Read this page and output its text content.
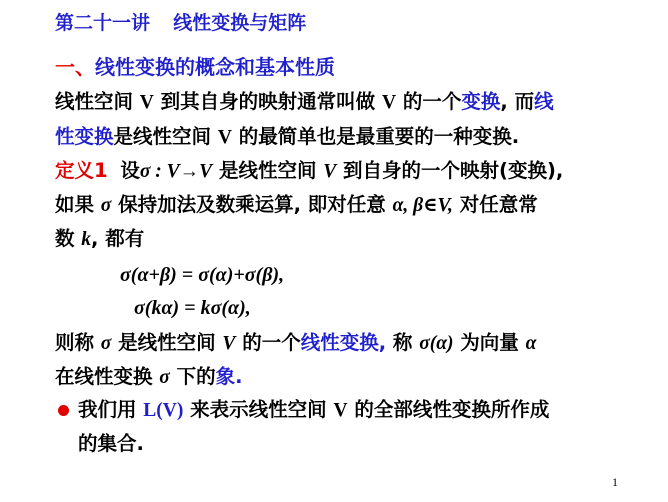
第二十一讲 线性变换与矩阵
一、线性变换的概念和基本性质
线性空间 V 到其自身的映射通常叫做 V 的一个变换, 而线
性变换是线性空间 V 的最简单也是最重要的一种变换.
定义1 设σ : V→V 是线性空间 V 到自身的一个映射(变换),
如果 σ 保持加法及数乘运算, 即对任意 α, β∈V, 对任意常
数 k, 都有
σ(α+β) = σ(α)+σ(β),
σ(kα) = kσ(α),
则称 σ 是线性空间 V 的一个线性变换, 称 σ(α) 为向量 α
在线性变换 σ 下的象.
我们用 L(V) 来表示线性空间 V 的全部线性变换所作成
的集合.
1
